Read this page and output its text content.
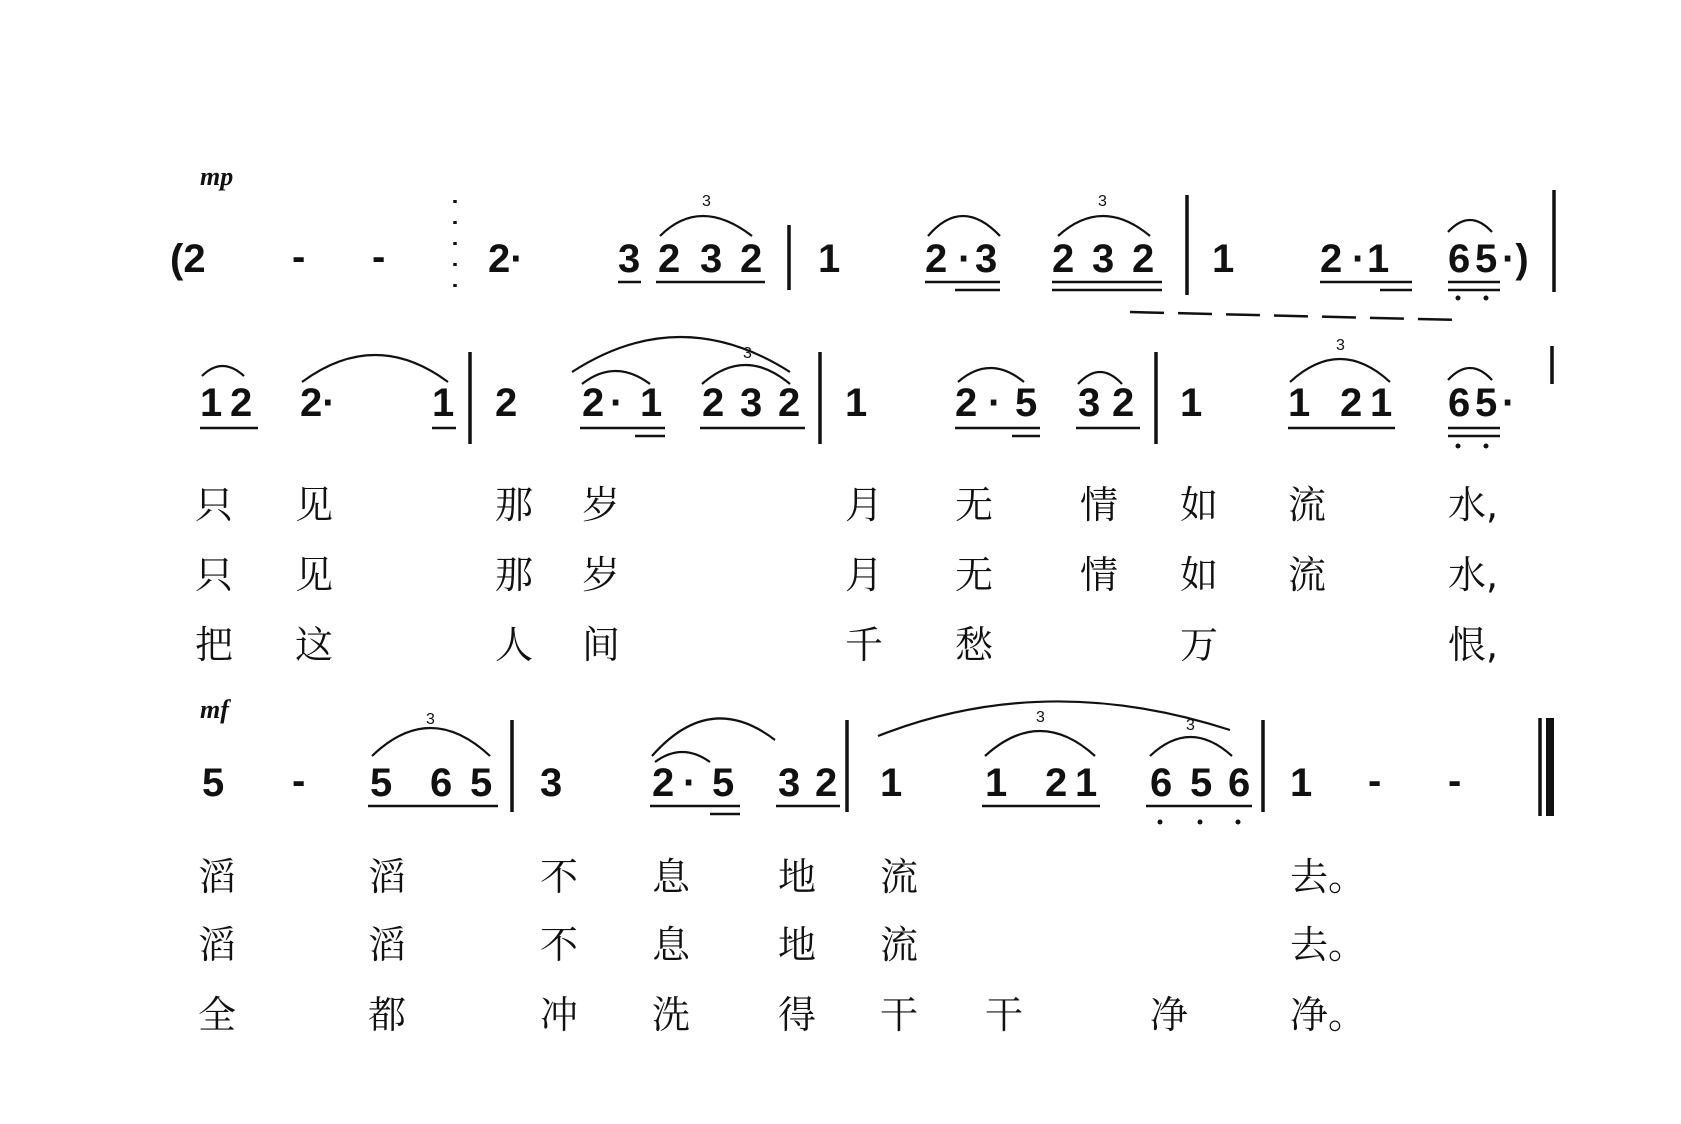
mp
(2 - -	2· 3 2 3 2 1 2 · 3 2 3 2 1 2 · 1 6 5 ·)
3	3
1 2 2· 1 2 2 · 1 2 3 2 1 2 · 5 3 2 1 1 2 1 6 5 ·
3	3
只 见	那 岁	月 无 情 如 流	水,
只 见	那 岁	月 无 情 如 流	水,
把 这	人 间	千 愁	万	恨,
mf
5 - 5 6 5 3 2 · 5 3 2 1 1 2 1 6 5 6 1 - -
3	3	3
滔	滔	不 息 地 流	去。
滔	滔	不 息 地 流	去。
全	都	冲 洗 得 干 干	净	净。
